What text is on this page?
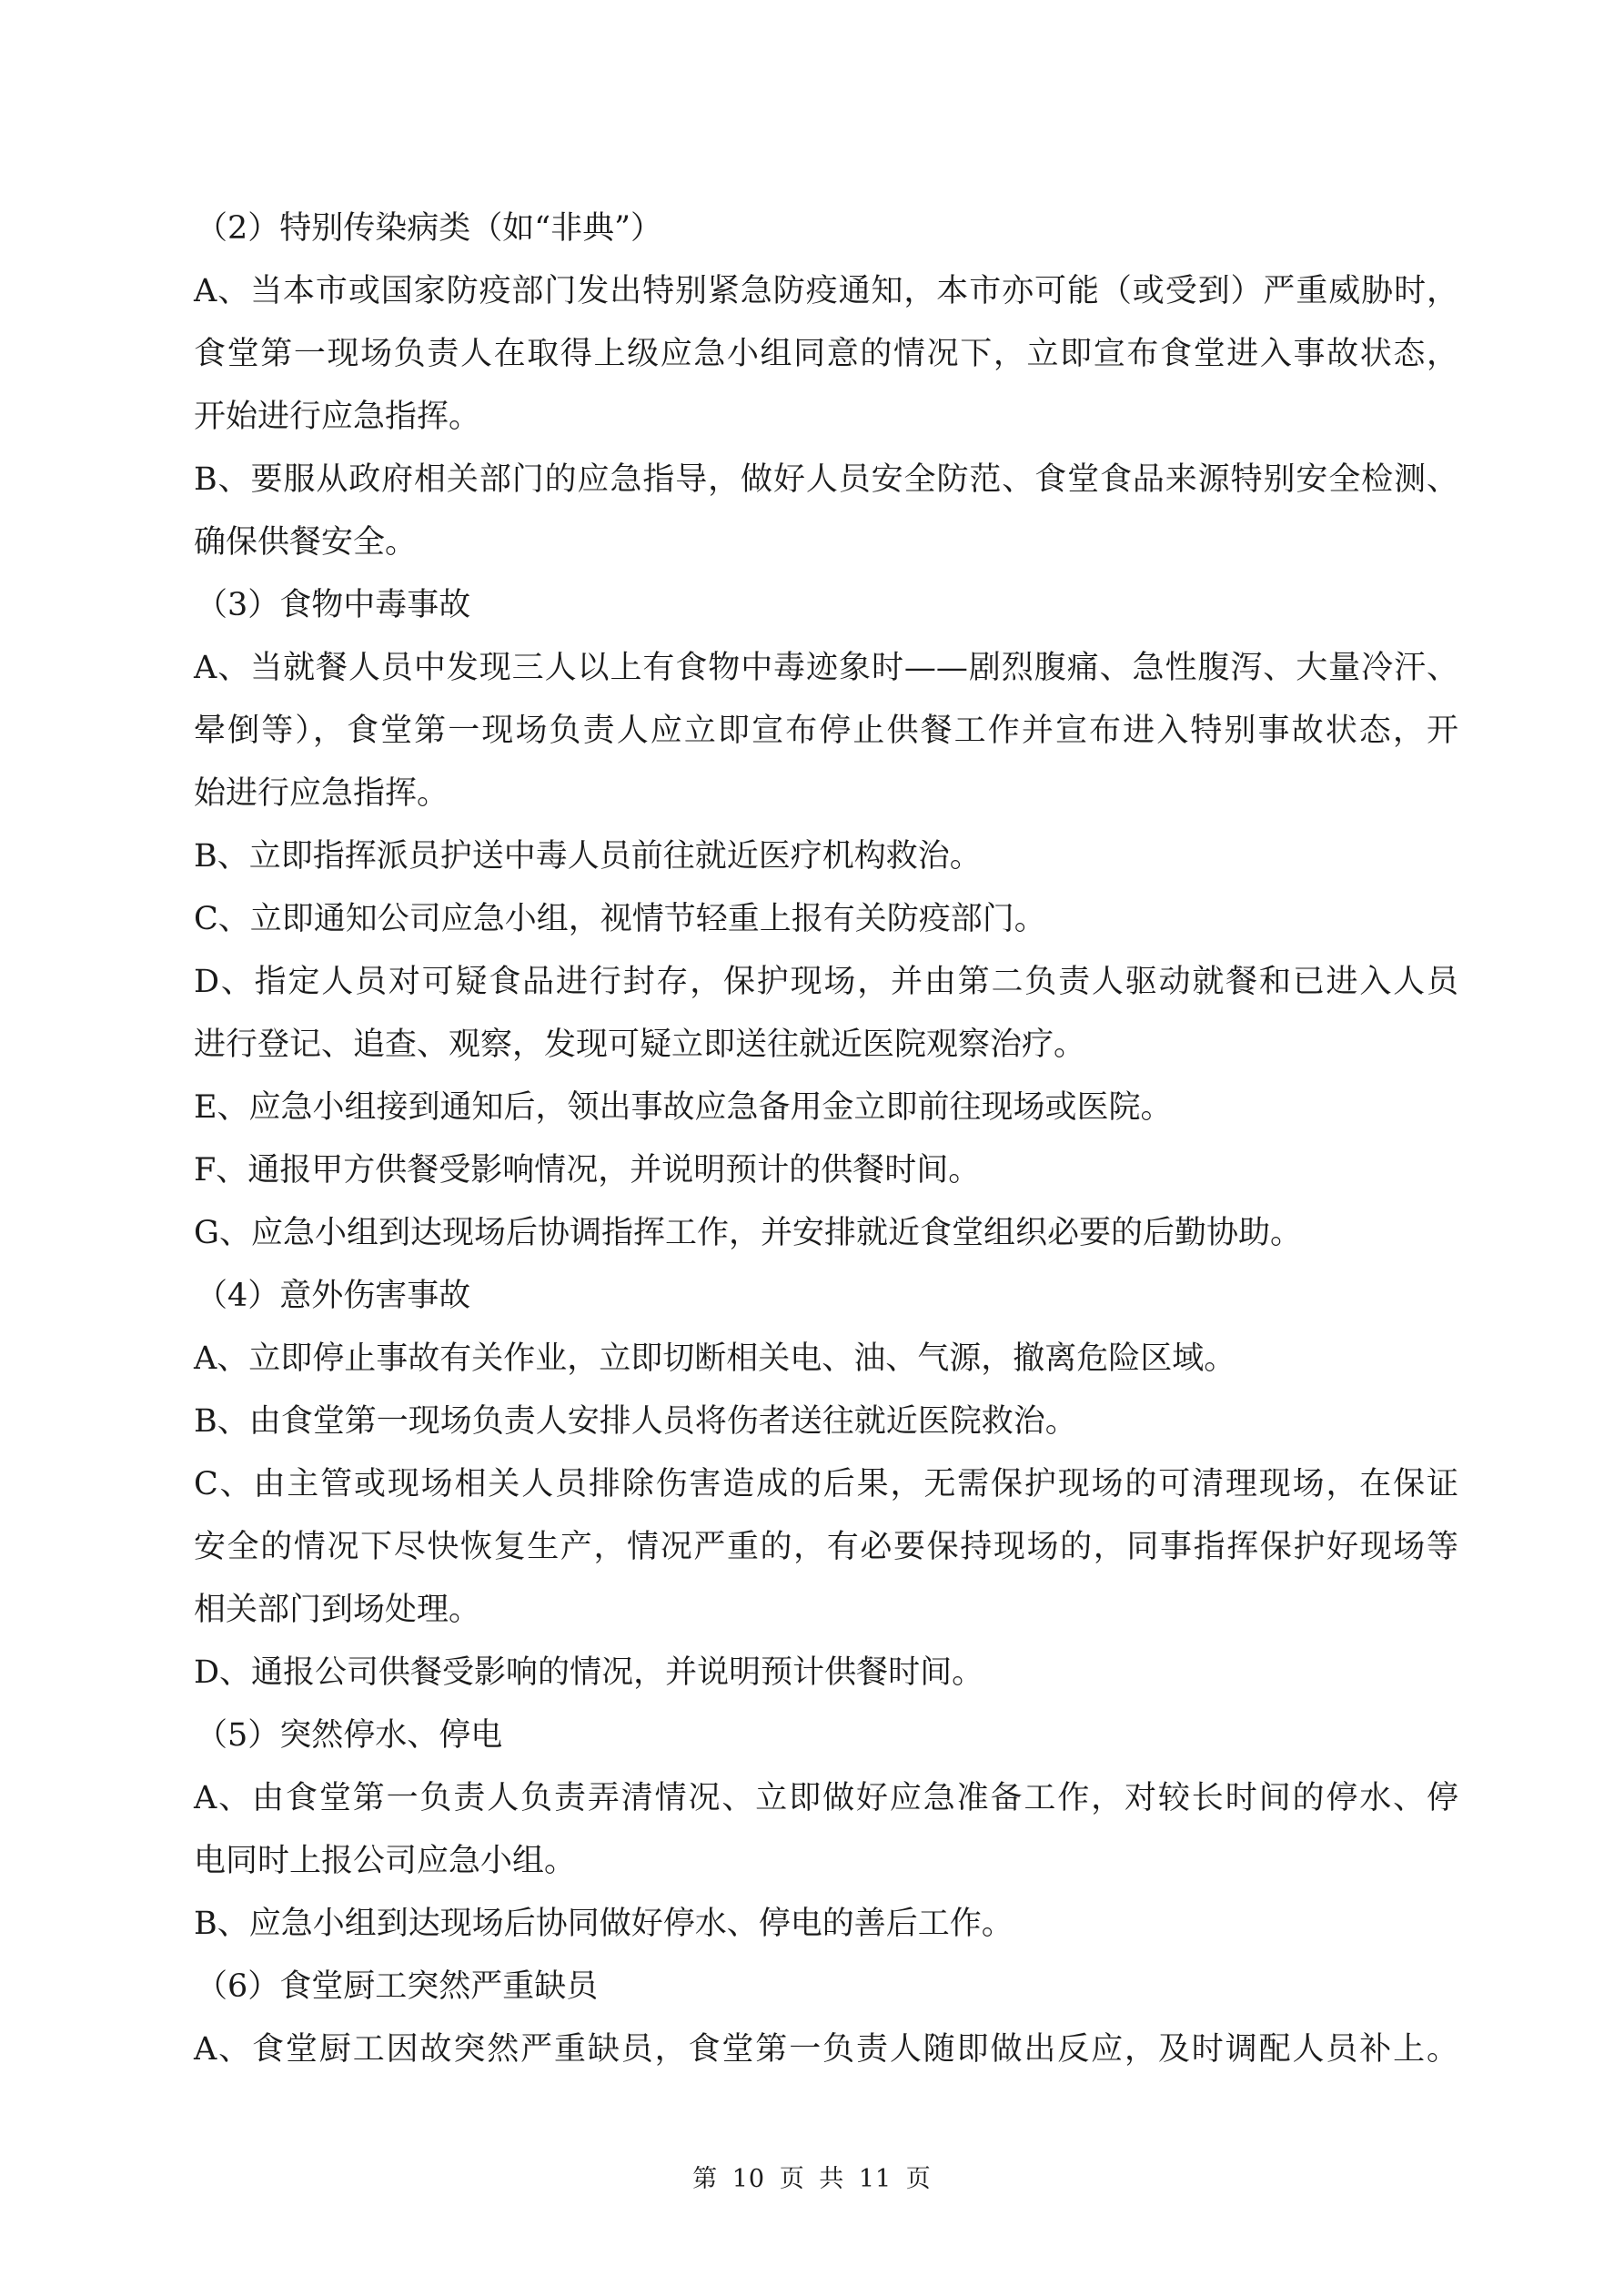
（2）特别传染病类（如“非典”）
A、当本市或国家防疫部门发出特别紧急防疫通知，本市亦可能（或受到）严重威胁时，
食堂第一现场负责人在取得上级应急小组同意的情况下，立即宣布食堂进入事故状态，
开始进行应急指挥。
B、要服从政府相关部门的应急指导，做好人员安全防范、食堂食品来源特别安全检测、
确保供餐安全。
（3）食物中毒事故
A、当就餐人员中发现三人以上有食物中毒迹象时——剧烈腹痛、急性腹泻、大量冷汗、
晕倒等），食堂第一现场负责人应立即宣布停止供餐工作并宣布进入特别事故状态，开
始进行应急指挥。
B、立即指挥派员护送中毒人员前往就近医疗机构救治。
C、立即通知公司应急小组，视情节轻重上报有关防疫部门。
D、指定人员对可疑食品进行封存，保护现场，并由第二负责人驱动就餐和已进入人员
进行登记、追查、观察，发现可疑立即送往就近医院观察治疗。
E、应急小组接到通知后，领出事故应急备用金立即前往现场或医院。
F、通报甲方供餐受影响情况，并说明预计的供餐时间。
G、应急小组到达现场后协调指挥工作，并安排就近食堂组织必要的后勤协助。
（4）意外伤害事故
A、立即停止事故有关作业，立即切断相关电、油、气源，撤离危险区域。
B、由食堂第一现场负责人安排人员将伤者送往就近医院救治。
C、由主管或现场相关人员排除伤害造成的后果，无需保护现场的可清理现场，在保证
安全的情况下尽快恢复生产，情况严重的，有必要保持现场的，同事指挥保护好现场等
相关部门到场处理。
D、通报公司供餐受影响的情况，并说明预计供餐时间。
（5）突然停水、停电
A、由食堂第一负责人负责弄清情况、立即做好应急准备工作，对较长时间的停水、停
电同时上报公司应急小组。
B、应急小组到达现场后协同做好停水、停电的善后工作。
（6）食堂厨工突然严重缺员
A、食堂厨工因故突然严重缺员，食堂第一负责人随即做出反应，及时调配人员补上。
第 10 页 共 11 页
